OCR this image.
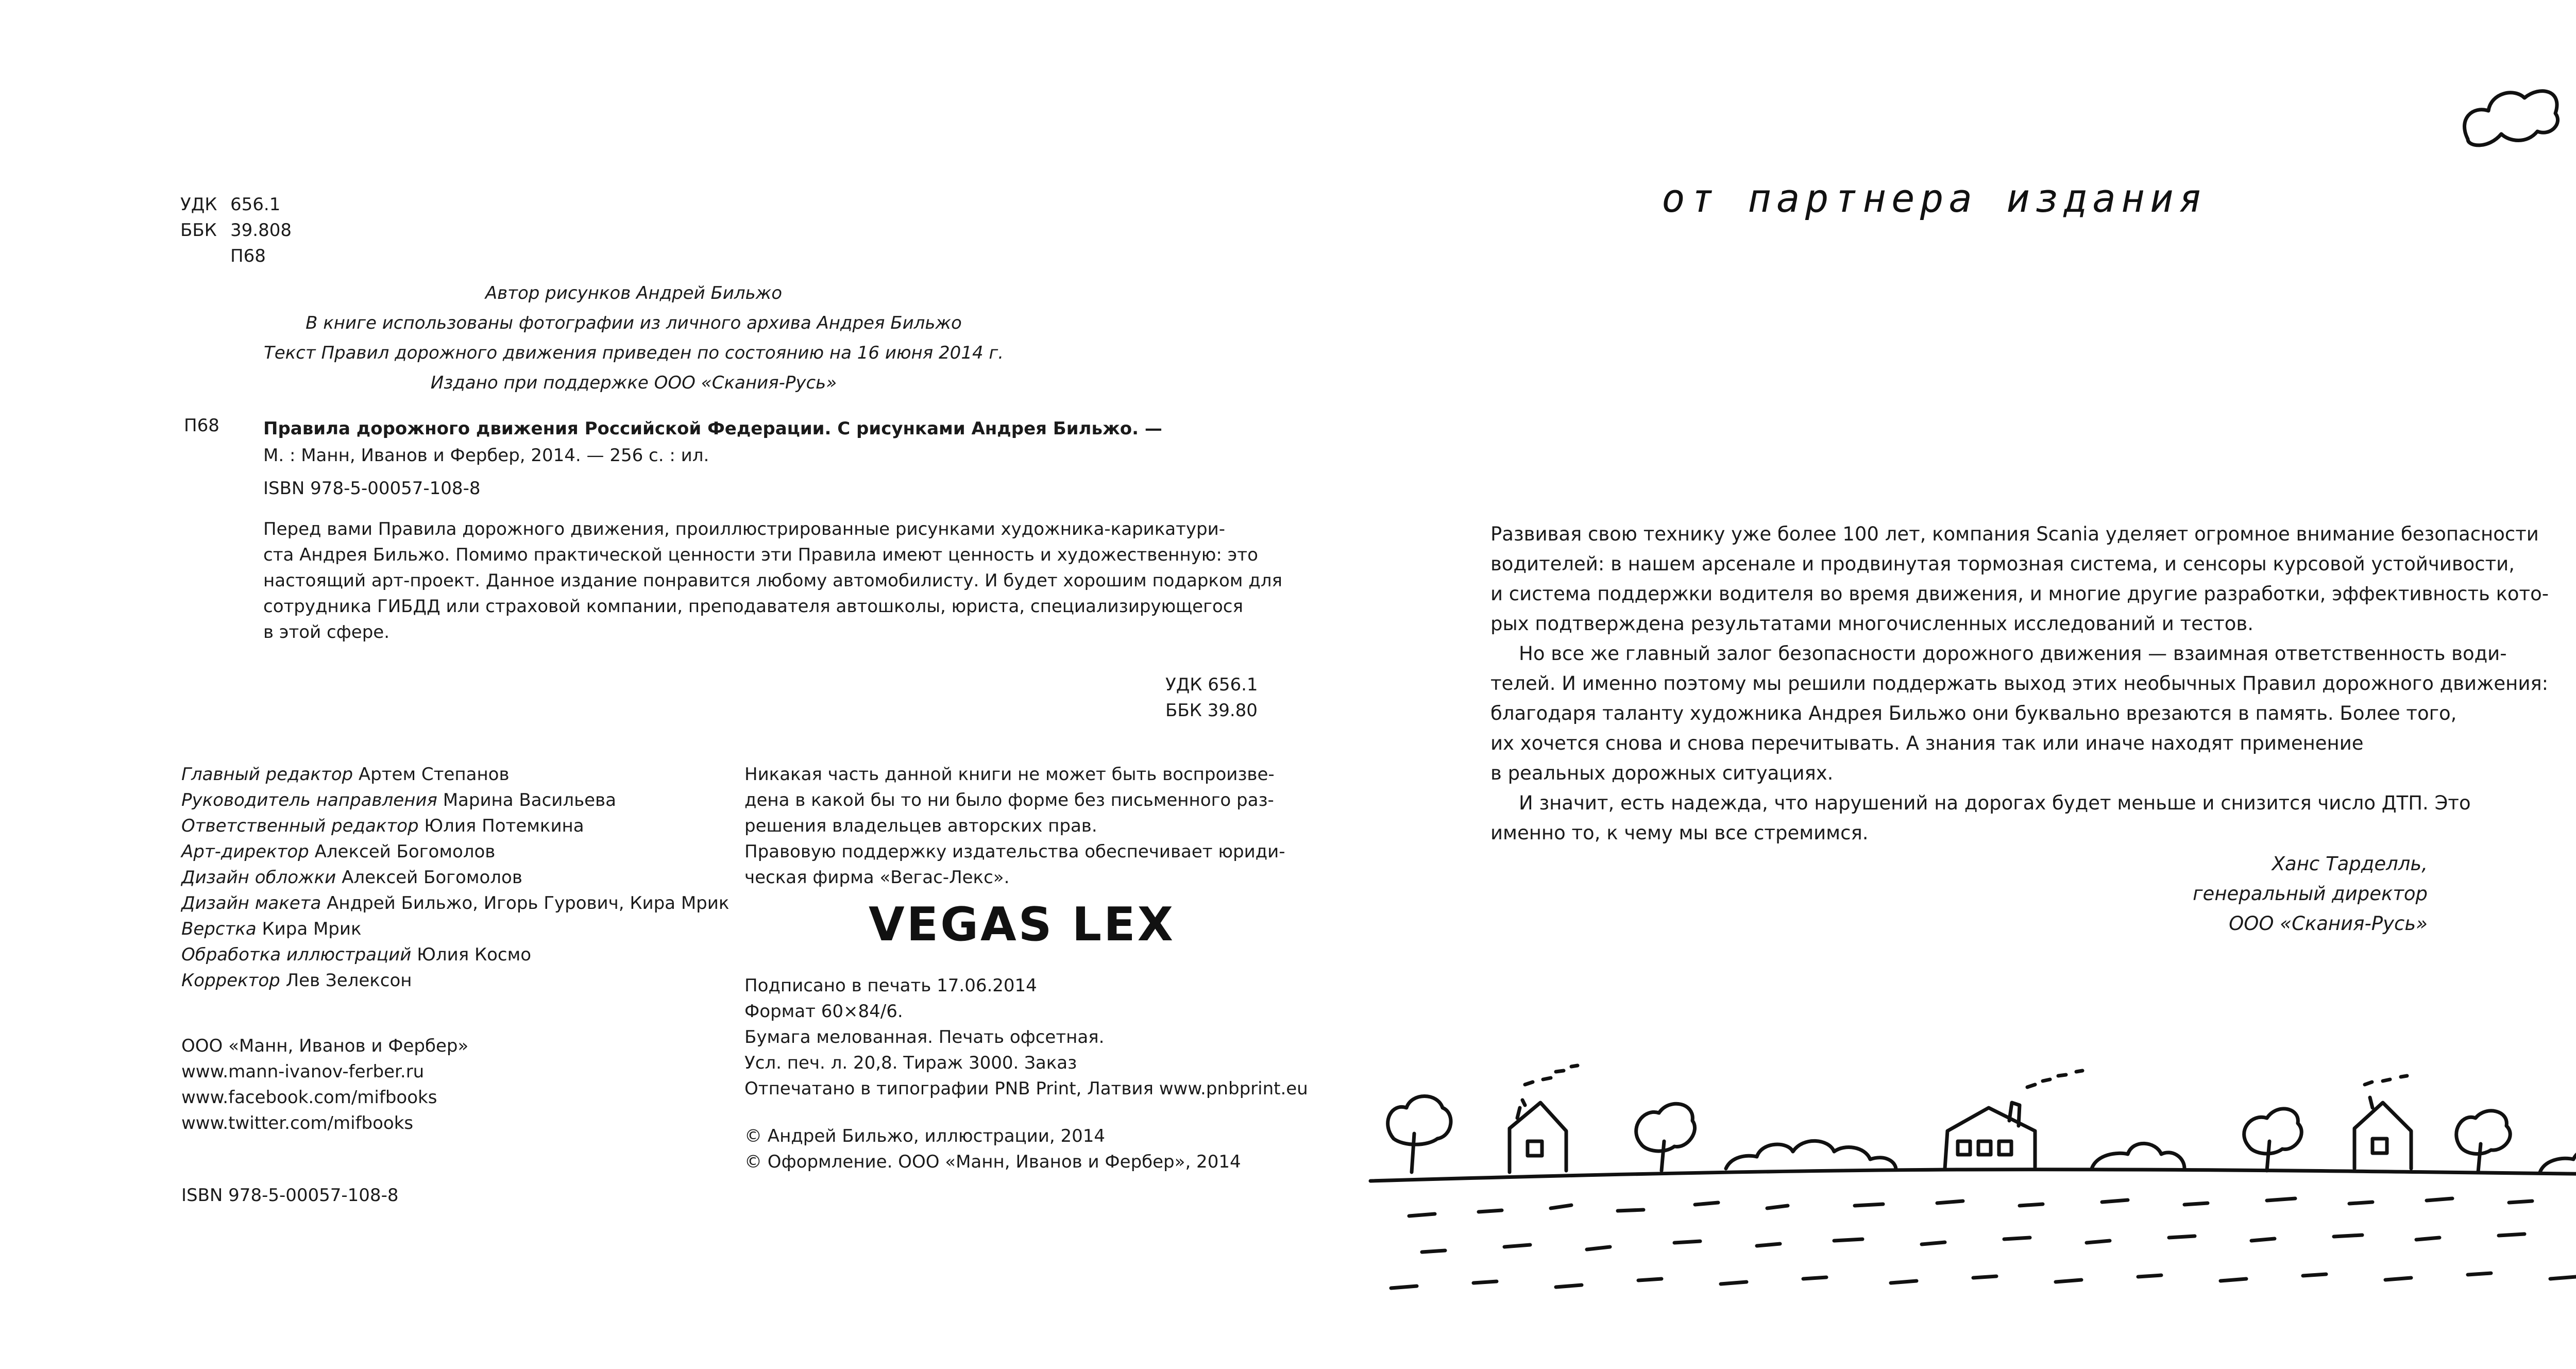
УДК 656.1
ББК 39.808
П68
Автор рисунков Андрей Бильжо
В книге использованы фотографии из личного архива Андрея Бильжо
Текст Правил дорожного движения приведен по состоянию на 16 июня 2014 г.
Издано при поддержке ООО «Скания-Русь»
П68	Правила дорожного движения Российской Федерации. С рисунками Андрея Бильжо. —

М. : Манн, Иванов и Фербер, 2014. — 256 с. : ил.

ISBN 978-5-00057-108-8

Перед вами Правила дорожного движения, проиллюстрированные рисунками художника-карикатури-
ста Андрея Бильжо. Помимо практической ценности эти Правила имеют ценность и художественную: это
настоящий арт-проект. Данное издание понравится любому автомобилисту. И будет хорошим подарком для
сотрудника ГИБДД или страховой компании, преподавателя автошколы, юриста, специализирующегося
в этой сфере.
УДК 656.1
ББК 39.80
Главный редактор Артем Степанов
Руководитель направления Марина Васильева
Ответственный редактор Юлия Потемкина
Арт-директор Алексей Богомолов
Дизайн обложки Алексей Богомолов
Дизайн макета Андрей Бильжо, Игорь Гурович, Кира Мрик
Верстка Кира Мрик
Обработка иллюстраций Юлия Космо
Корректор Лев Зелексон
ООО «Манн, Иванов и Фербер»
www.mann-ivanov-ferber.ru
www.facebook.com/mifbooks
www.twitter.com/mifbooks
ISBN 978-5-00057-108-8
Никакая часть данной книги не может быть воспроизве-
дена в какой бы то ни было форме без письменного раз-
решения владельцев авторских прав.
Правовую поддержку издательства обеспечивает юриди-
ческая фирма «Вегас-Лекс».
VEGAS LEX
Подписано в печать 17.06.2014
Формат 60×84/6.
Бумага мелованная. Печать офсетная.
Усл. печ. л. 20,8. Тираж 3000. Заказ
Отпечатано в типографии PNB Print, Латвия www.pnbprint.eu
© Андрей Бильжо, иллюстрации, 2014
© Оформление. ООО «Манн, Иванов и Фербер», 2014
от партнера издания
Развивая свою технику уже более 100 лет, компания Scania уделяет огромное внимание безопасности
водителей: в нашем арсенале и продвинутая тормозная система, и сенсоры курсовой устойчивости,
и система поддержки водителя во время движения, и многие другие разработки, эффективность кото-
рых подтверждена результатами многочисленных исследований и тестов.
Но все же главный залог безопасности дорожного движения — взаимная ответственность води-
телей. И именно поэтому мы решили поддержать выход этих необычных Правил дорожного движения:
благодаря таланту художника Андрея Бильжо они буквально врезаются в память. Более того,
их хочется снова и снова перечитывать. А знания так или иначе находят применение
в реальных дорожных ситуациях.
И значит, есть надежда, что нарушений на дорогах будет меньше и снизится число ДТП. Это
именно то, к чему мы все стремимся.
Ханс Тарделль,
генеральный директор
ООО «Скания-Русь»
